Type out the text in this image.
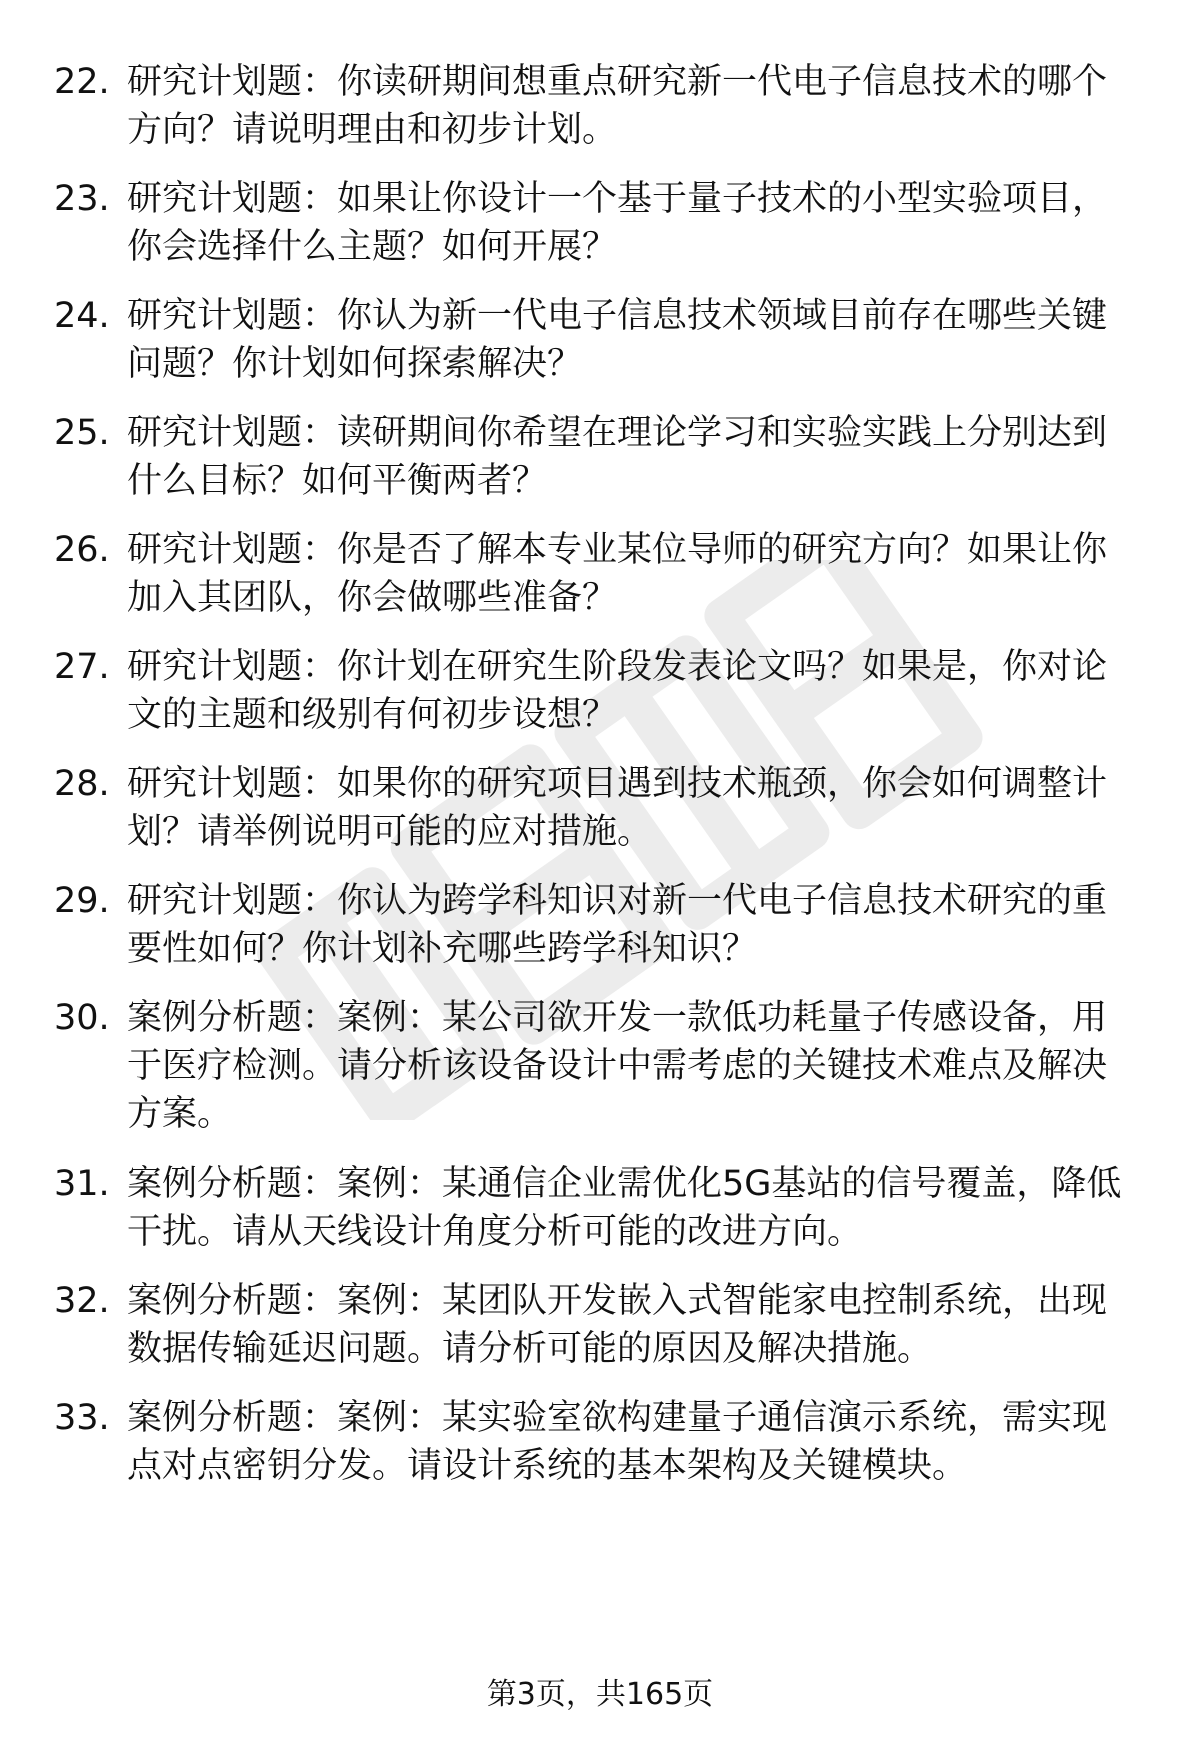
22. 研究计划题：你读研期间想重点研究新一代电子信息技术的哪个
方向？请说明理由和初步计划。
23. 研究计划题：如果让你设计一个基于量子技术的小型实验项目，
你会选择什么主题？如何开展？
24. 研究计划题：你认为新一代电子信息技术领域目前存在哪些关键
问题？你计划如何探索解决？
25. 研究计划题：读研期间你希望在理论学习和实验实践上分别达到
什么目标？如何平衡两者？
26. 研究计划题：你是否了解本专业某位导师的研究方向？如果让你
加入其团队，你会做哪些准备？
27. 研究计划题：你计划在研究生阶段发表论文吗？如果是，你对论
文的主题和级别有何初步设想？
28. 研究计划题：如果你的研究项目遇到技术瓶颈，你会如何调整计
划？请举例说明可能的应对措施。
29. 研究计划题：你认为跨学科知识对新一代电子信息技术研究的重
要性如何？你计划补充哪些跨学科知识？
30. 案例分析题：案例：某公司欲开发一款低功耗量子传感设备，用
于医疗检测。请分析该设备设计中需考虑的关键技术难点及解决
方案。
31. 案例分析题：案例：某通信企业需优化5G基站的信号覆盖，降低
干扰。请从天线设计角度分析可能的改进方向。
32. 案例分析题：案例：某团队开发嵌入式智能家电控制系统，出现
数据传输延迟问题。请分析可能的原因及解决措施。
33. 案例分析题：案例：某实验室欲构建量子通信演示系统，需实现
点对点密钥分发。请设计系统的基本架构及关键模块。
第3页，共165页
